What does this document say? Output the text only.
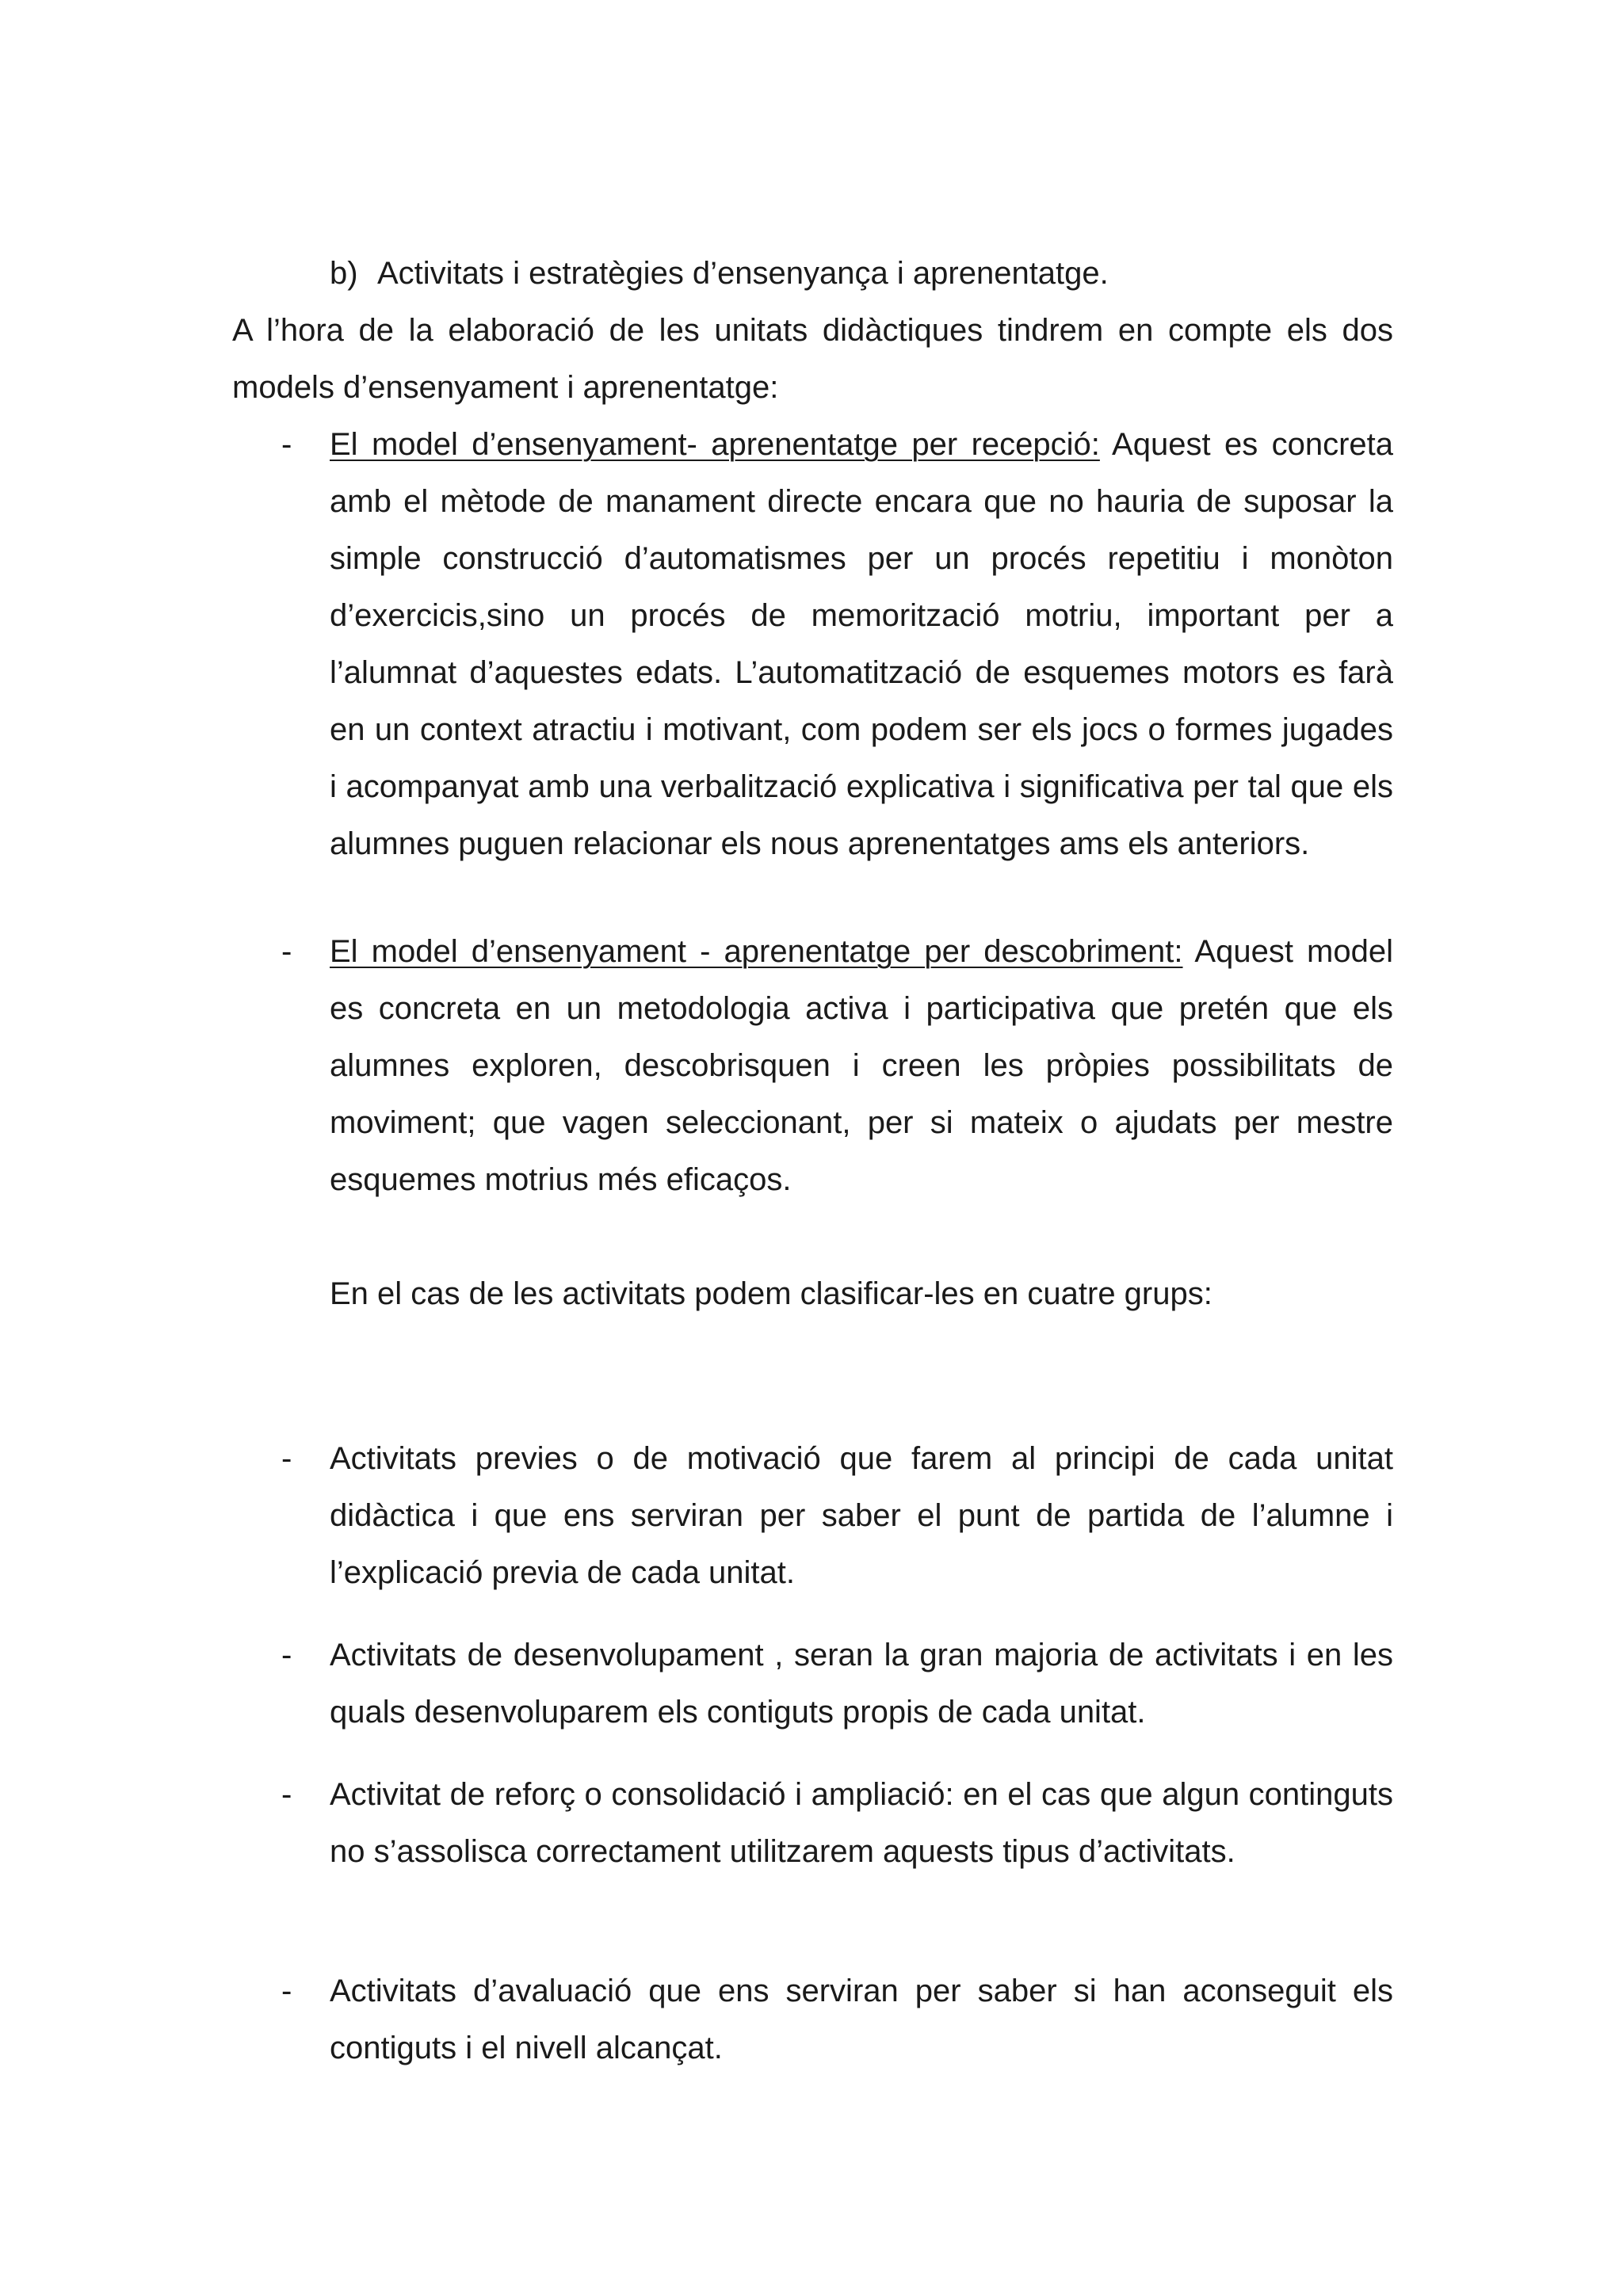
b) Activitats i estratègies d’ensenyança i aprenentatge.
A l’hora de la elaboració de les unitats didàctiques tindrem en compte els dos models d’ensenyament i aprenentatge:
- El model d’ensenyament- aprenentatge per recepció: Aquest es concreta amb el mètode de manament directe encara que no hauria de suposar la simple construcció d’automatismes per un procés repetitiu i monòton d’exercicis,sino un procés de memorització motriu, important per a l’alumnat d’aquestes edats. L’automatització de esquemes motors es farà en un context atractiu i motivant, com podem ser els jocs o formes jugades i acompanyat amb una verbalització explicativa i significativa per tal que els alumnes puguen relacionar els nous aprenentatges ams els anteriors.
- El model d’ensenyament - aprenentatge per descobriment: Aquest model es concreta en un metodologia activa i participativa que pretén que els alumnes exploren, descobrisquen i creen les pròpies possibilitats de moviment; que vagen seleccionant, per si mateix o ajudats per mestre esquemes motrius més eficaços.
En el cas de les activitats podem clasificar-les en cuatre grups:
- Activitats previes o de motivació que farem al principi de cada unitat didàctica i que ens serviran per saber el punt de partida de l’alumne i l’explicació previa de cada unitat.
- Activitats de desenvolupament , seran la gran majoria de activitats i en les quals desenvoluparem els contiguts propis de cada unitat.
- Activitat de reforç o consolidació i ampliació: en el cas que algun continguts no s’assolisca correctament utilitzarem aquests tipus d’activitats.
- Activitats d’avaluació que ens serviran per saber si han aconseguit els contiguts i el nivell alcançat.
